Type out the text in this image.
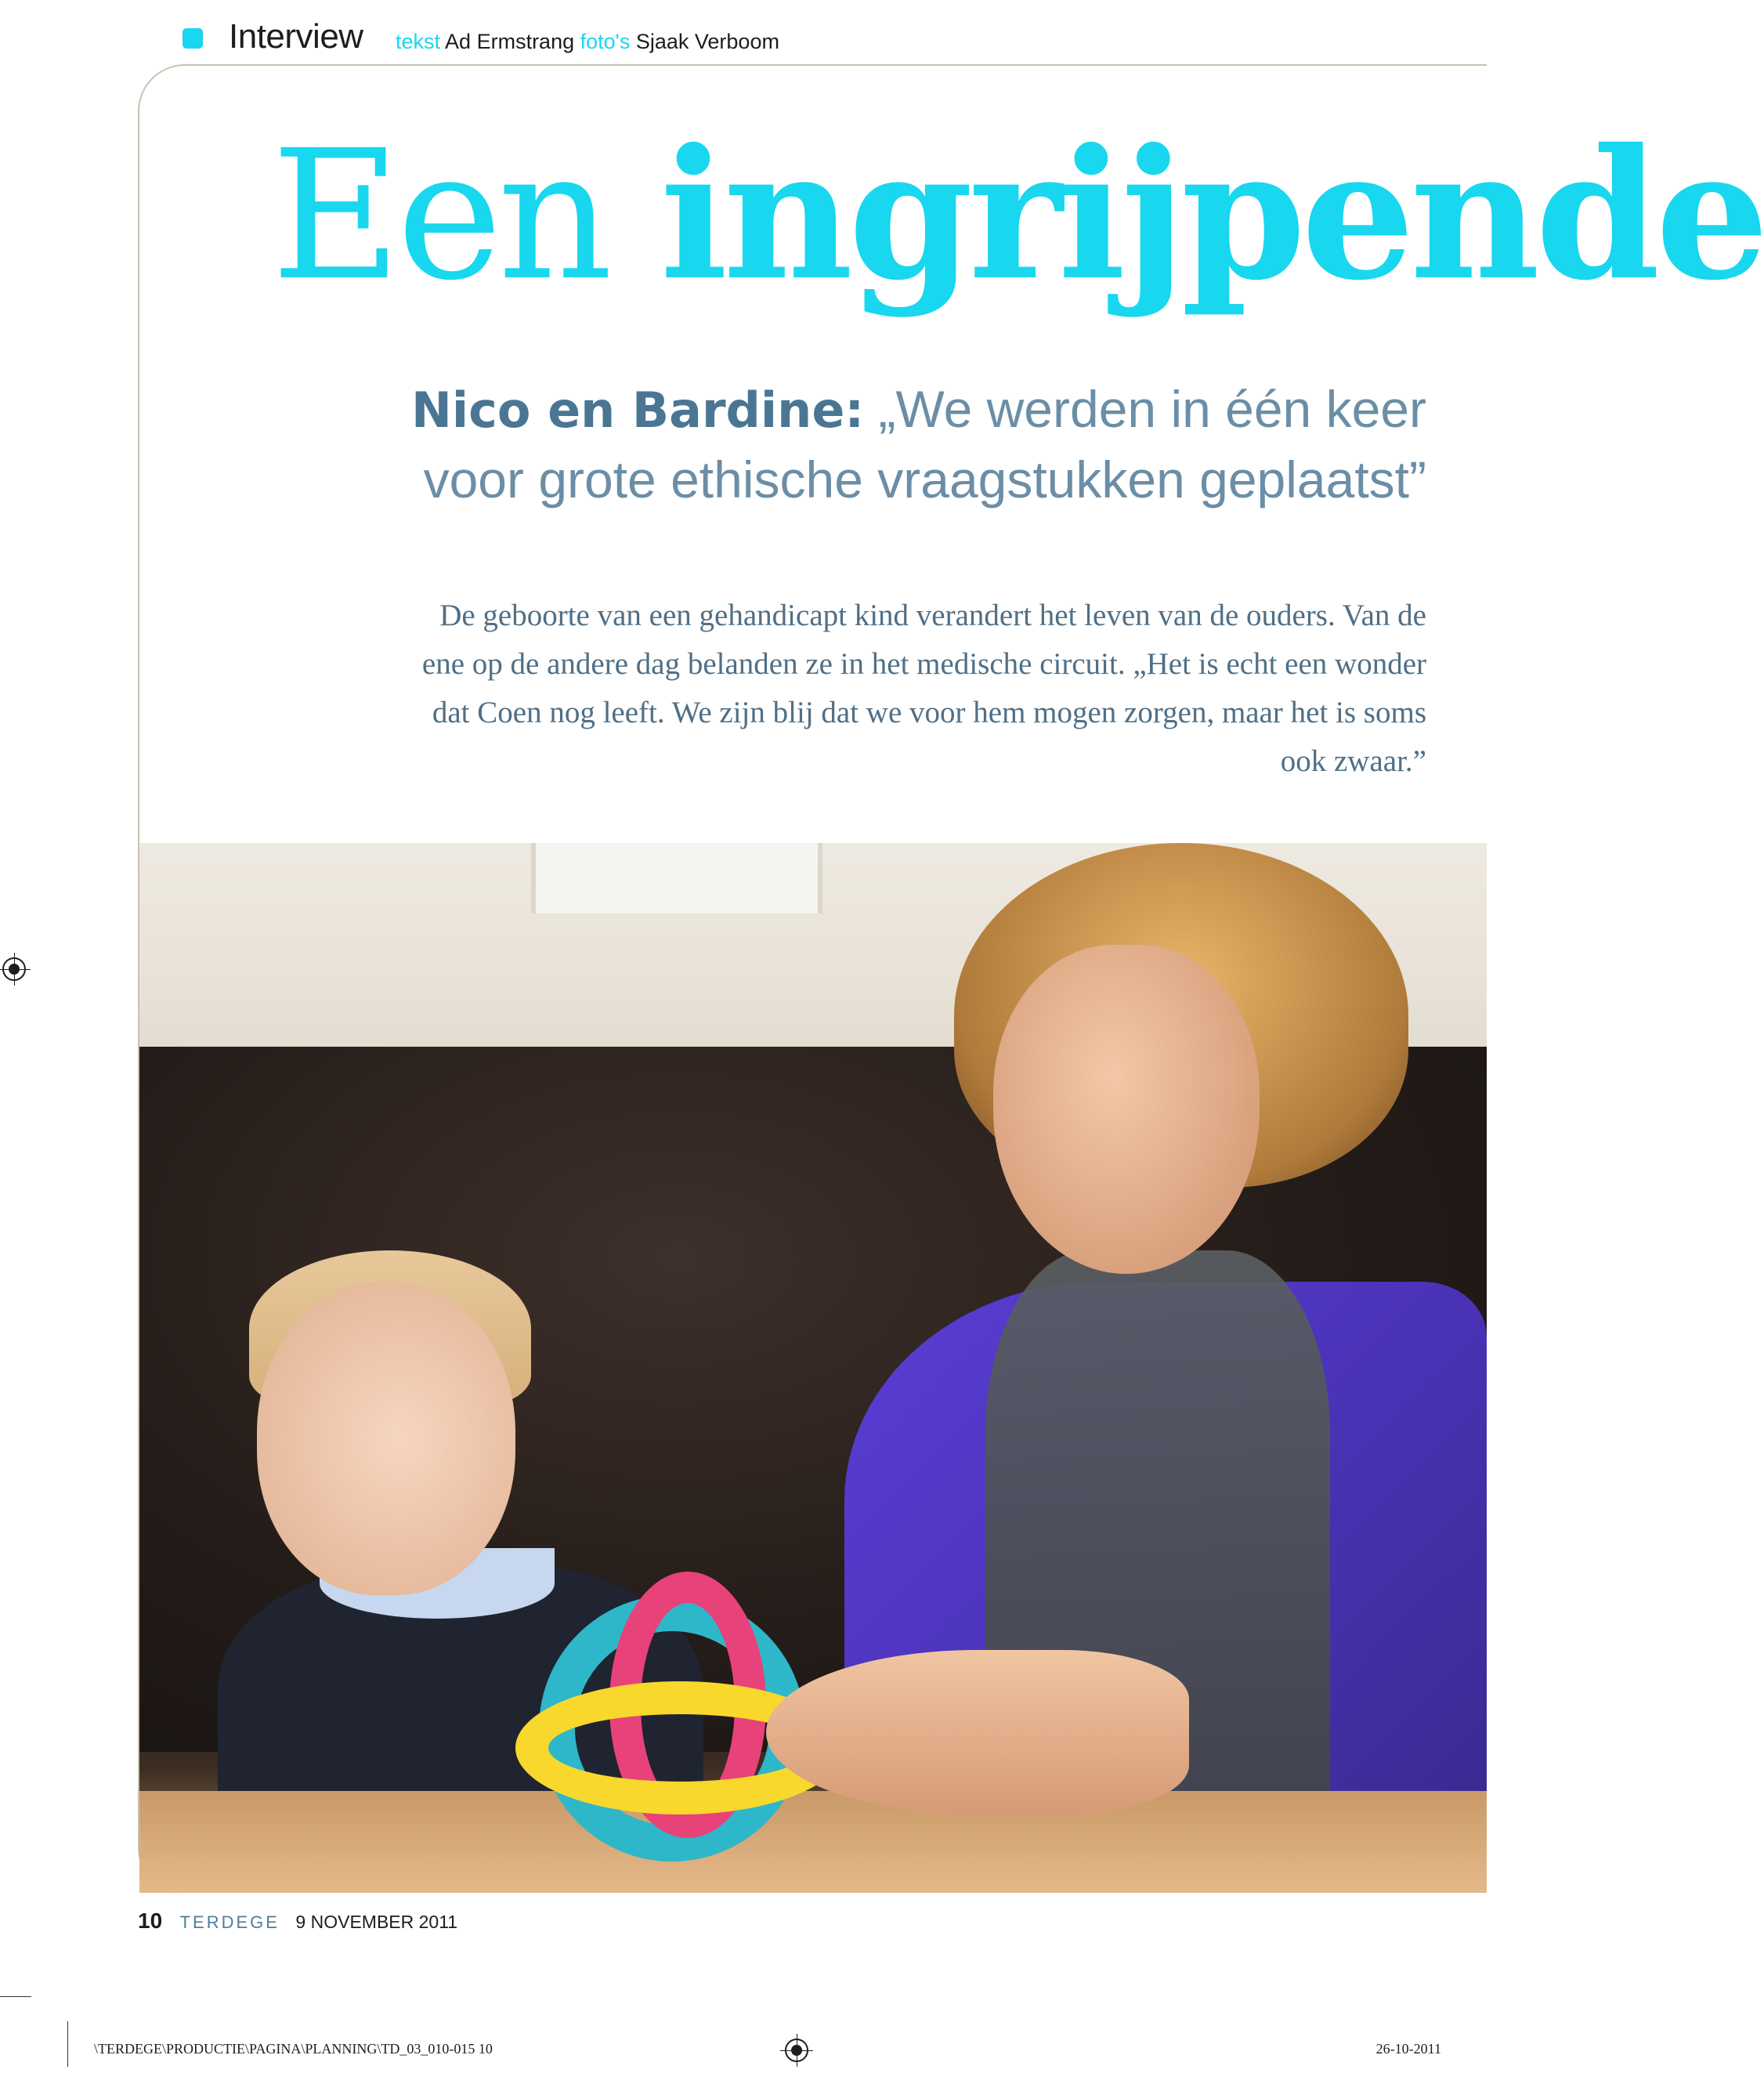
Interview tekst Ad Ermstrang foto's Sjaak Verboom
Een ingrijpende
Nico en Bardine: „We werden in één keer
voor grote ethische vraagstukken geplaatst”
De geboorte van een gehandicapt kind verandert het leven van de ouders. Van de ene op de andere dag belanden ze in het medische circuit. „Het is echt een wonder dat Coen nog leeft. We zijn blij dat we voor hem mogen zorgen, maar het is soms ook zwaar.”
10 TERDEGE 9 NOVEMBER 2011
\TERDEGE\PRODUCTIE\PAGINA\PLANNING\TD_03_010-015 10	26-10-2011
